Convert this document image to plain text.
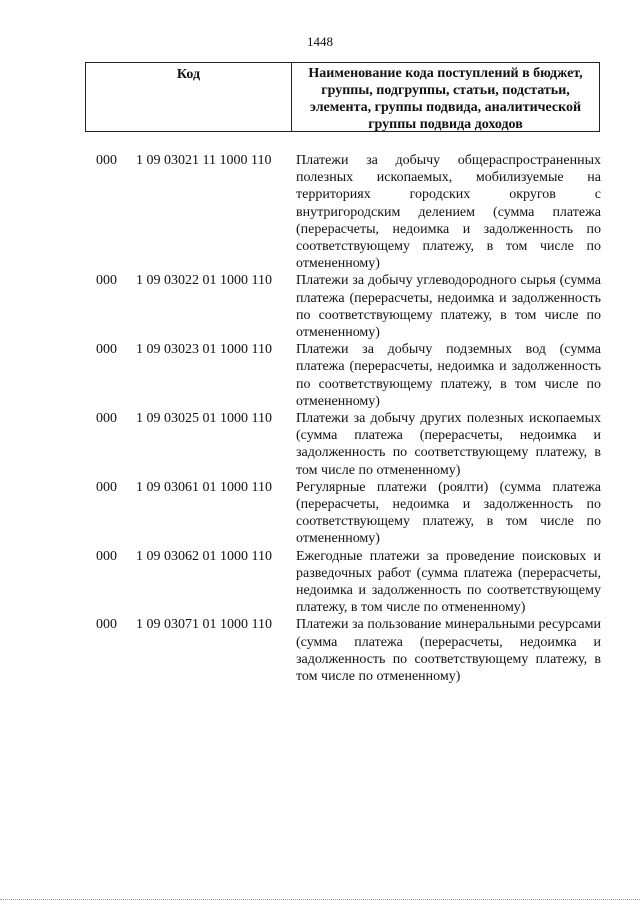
1448
Код	Наименование кода поступлений в бюджет, группы, подгруппы, статьи, подстатьи, элемента, группы подвида, аналитической группы подвида доходов
000	1 09 03021 11 1000 110	Платежи за добычу общераспространенных полезных ископаемых, мобилизуемые на территориях городских округов с внутригородским делением (сумма платежа (перерасчеты, недоимка и задолженность по соответствующему платежу, в том числе по отмененному)
000	1 09 03022 01 1000 110	Платежи за добычу углеводородного сырья (сумма платежа (перерасчеты, недоимка и задолженность по соответствующему платежу, в том числе по отмененному)
000	1 09 03023 01 1000 110	Платежи за добычу подземных вод (сумма платежа (перерасчеты, недоимка и задолженность по соответствующему платежу, в том числе по отмененному)
000	1 09 03025 01 1000 110	Платежи за добычу других полезных ископаемых (сумма платежа (перерасчеты, недоимка и задолженность по соответствующему платежу, в том числе по отмененному)
000	1 09 03061 01 1000 110	Регулярные платежи (роялти) (сумма платежа (перерасчеты, недоимка и задолженность по соответствующему платежу, в том числе по отмененному)
000	1 09 03062 01 1000 110	Ежегодные платежи за проведение поисковых и разведочных работ (сумма платежа (перерасчеты, недоимка и задолженность по соответствующему платежу, в том числе по отмененному)
000	1 09 03071 01 1000 110	Платежи за пользование минеральными ресурсами (сумма платежа (перерасчеты, недоимка и задолженность по соответствующему платежу, в том числе по отмененному)
